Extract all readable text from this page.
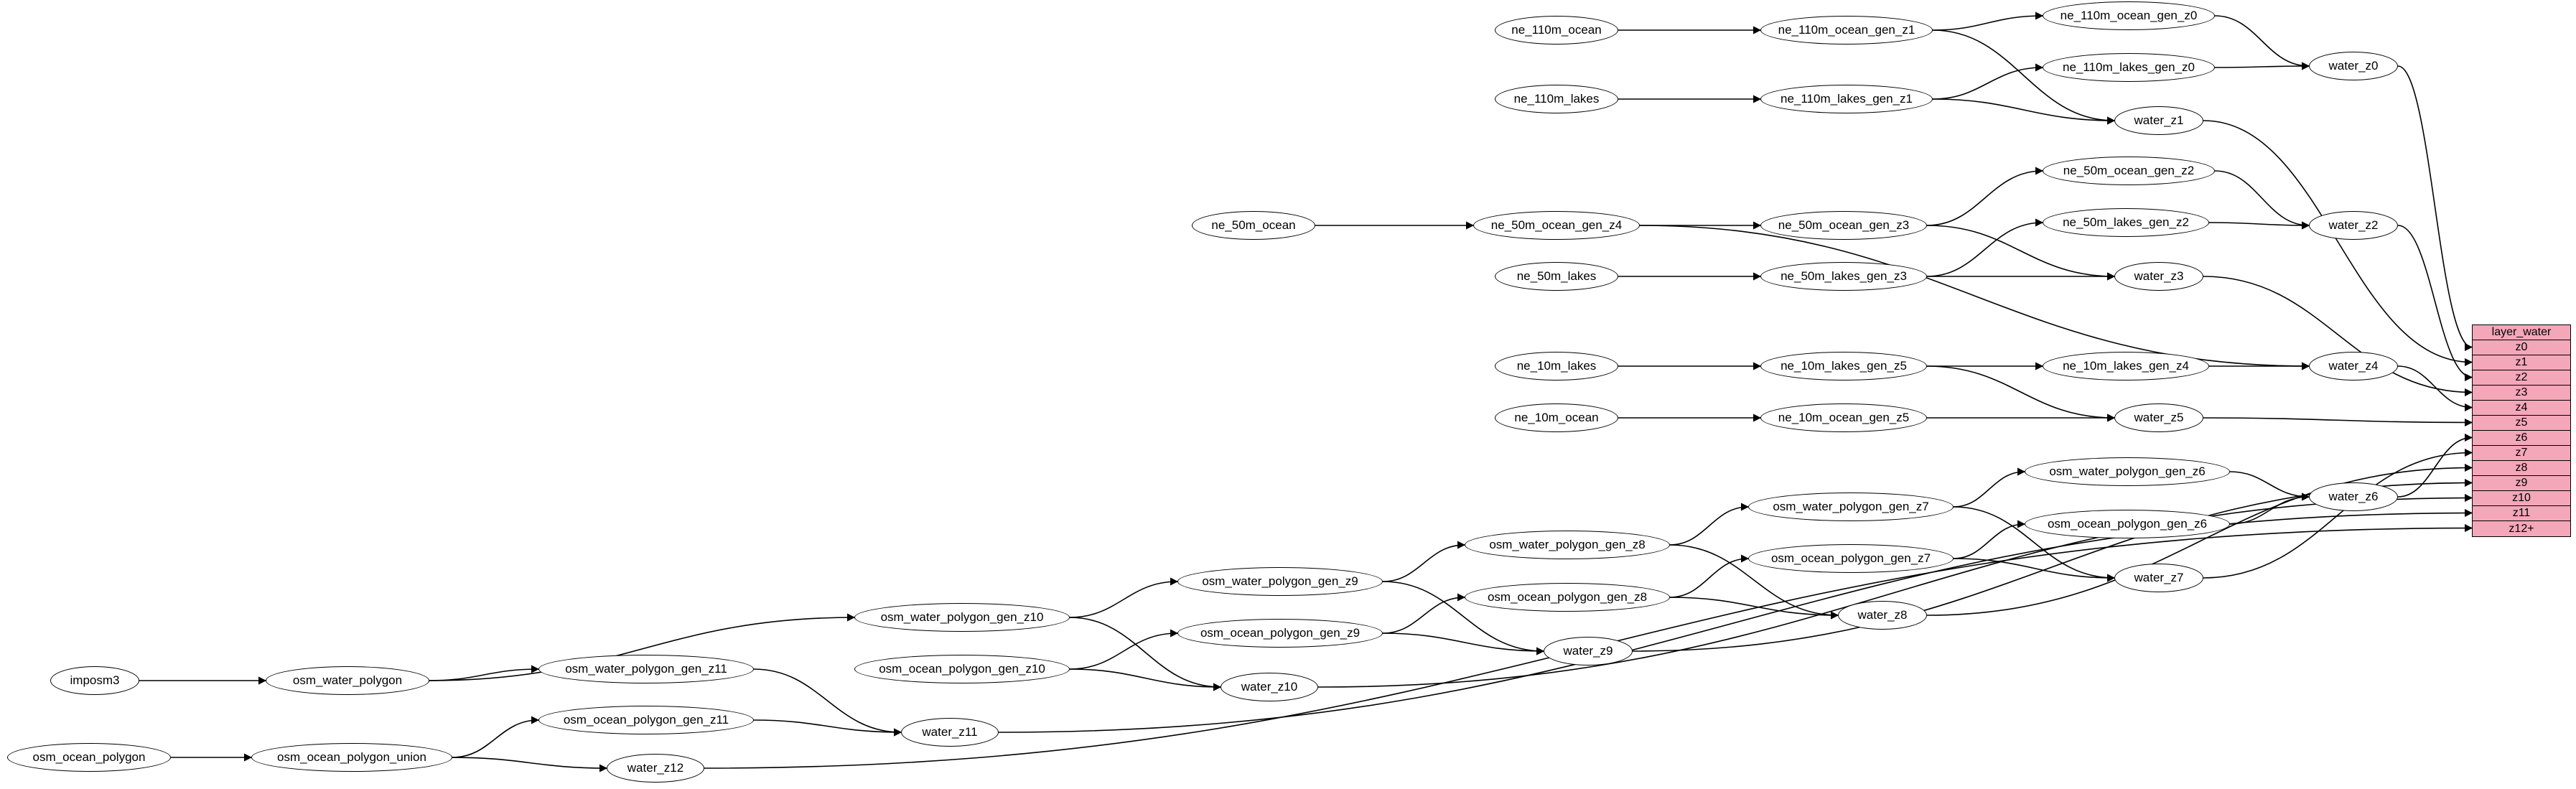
ne_110m_ocean	ne_110m_ocean_gen_z1
ne_110m_ocean_gen_z0
water_z0
ne_110m_lakes	ne_110m_lakes_gen_z1
ne_110m_lakes_gen_z0
water_z1
ne_50m_ocean_gen_z2
ne_50m_ocean	ne_50m_ocean_gen_z4	ne_50m_ocean_gen_z3	ne_50m_lakes_gen_z2	water_z2
ne_50m_lakes	ne_50m_lakes_gen_z3	water_z3
ne_10m_lakes	ne_10m_lakes_gen_z5	ne_10m_lakes_gen_z4	water_z4
ne_10m_ocean	ne_10m_ocean_gen_z5	water_z5
osm_water_polygon_gen_z6
osm_water_polygon_gen_z7
water_z6
osm_water_polygon_gen_z8
osm_ocean_polygon_gen_z6
osm_ocean_polygon_gen_z7
water_z7
osm_water_polygon_gen_z9
osm_ocean_polygon_gen_z8
water_z8
osm_water_polygon_gen_z10
osm_ocean_polygon_gen_z9
water_z9
osm_water_polygon_gen_z11	osm_ocean_polygon_gen_z10
water_z10
imposm3	osm_water_polygon
osm_ocean_polygon_gen_z11
water_z11
osm_ocean_polygon	osm_ocean_polygon_union
water_z12
layer_water
z0
z1
z2
z3
z4
z5
z6
z7
z8
z9
z10
z11
z12+
